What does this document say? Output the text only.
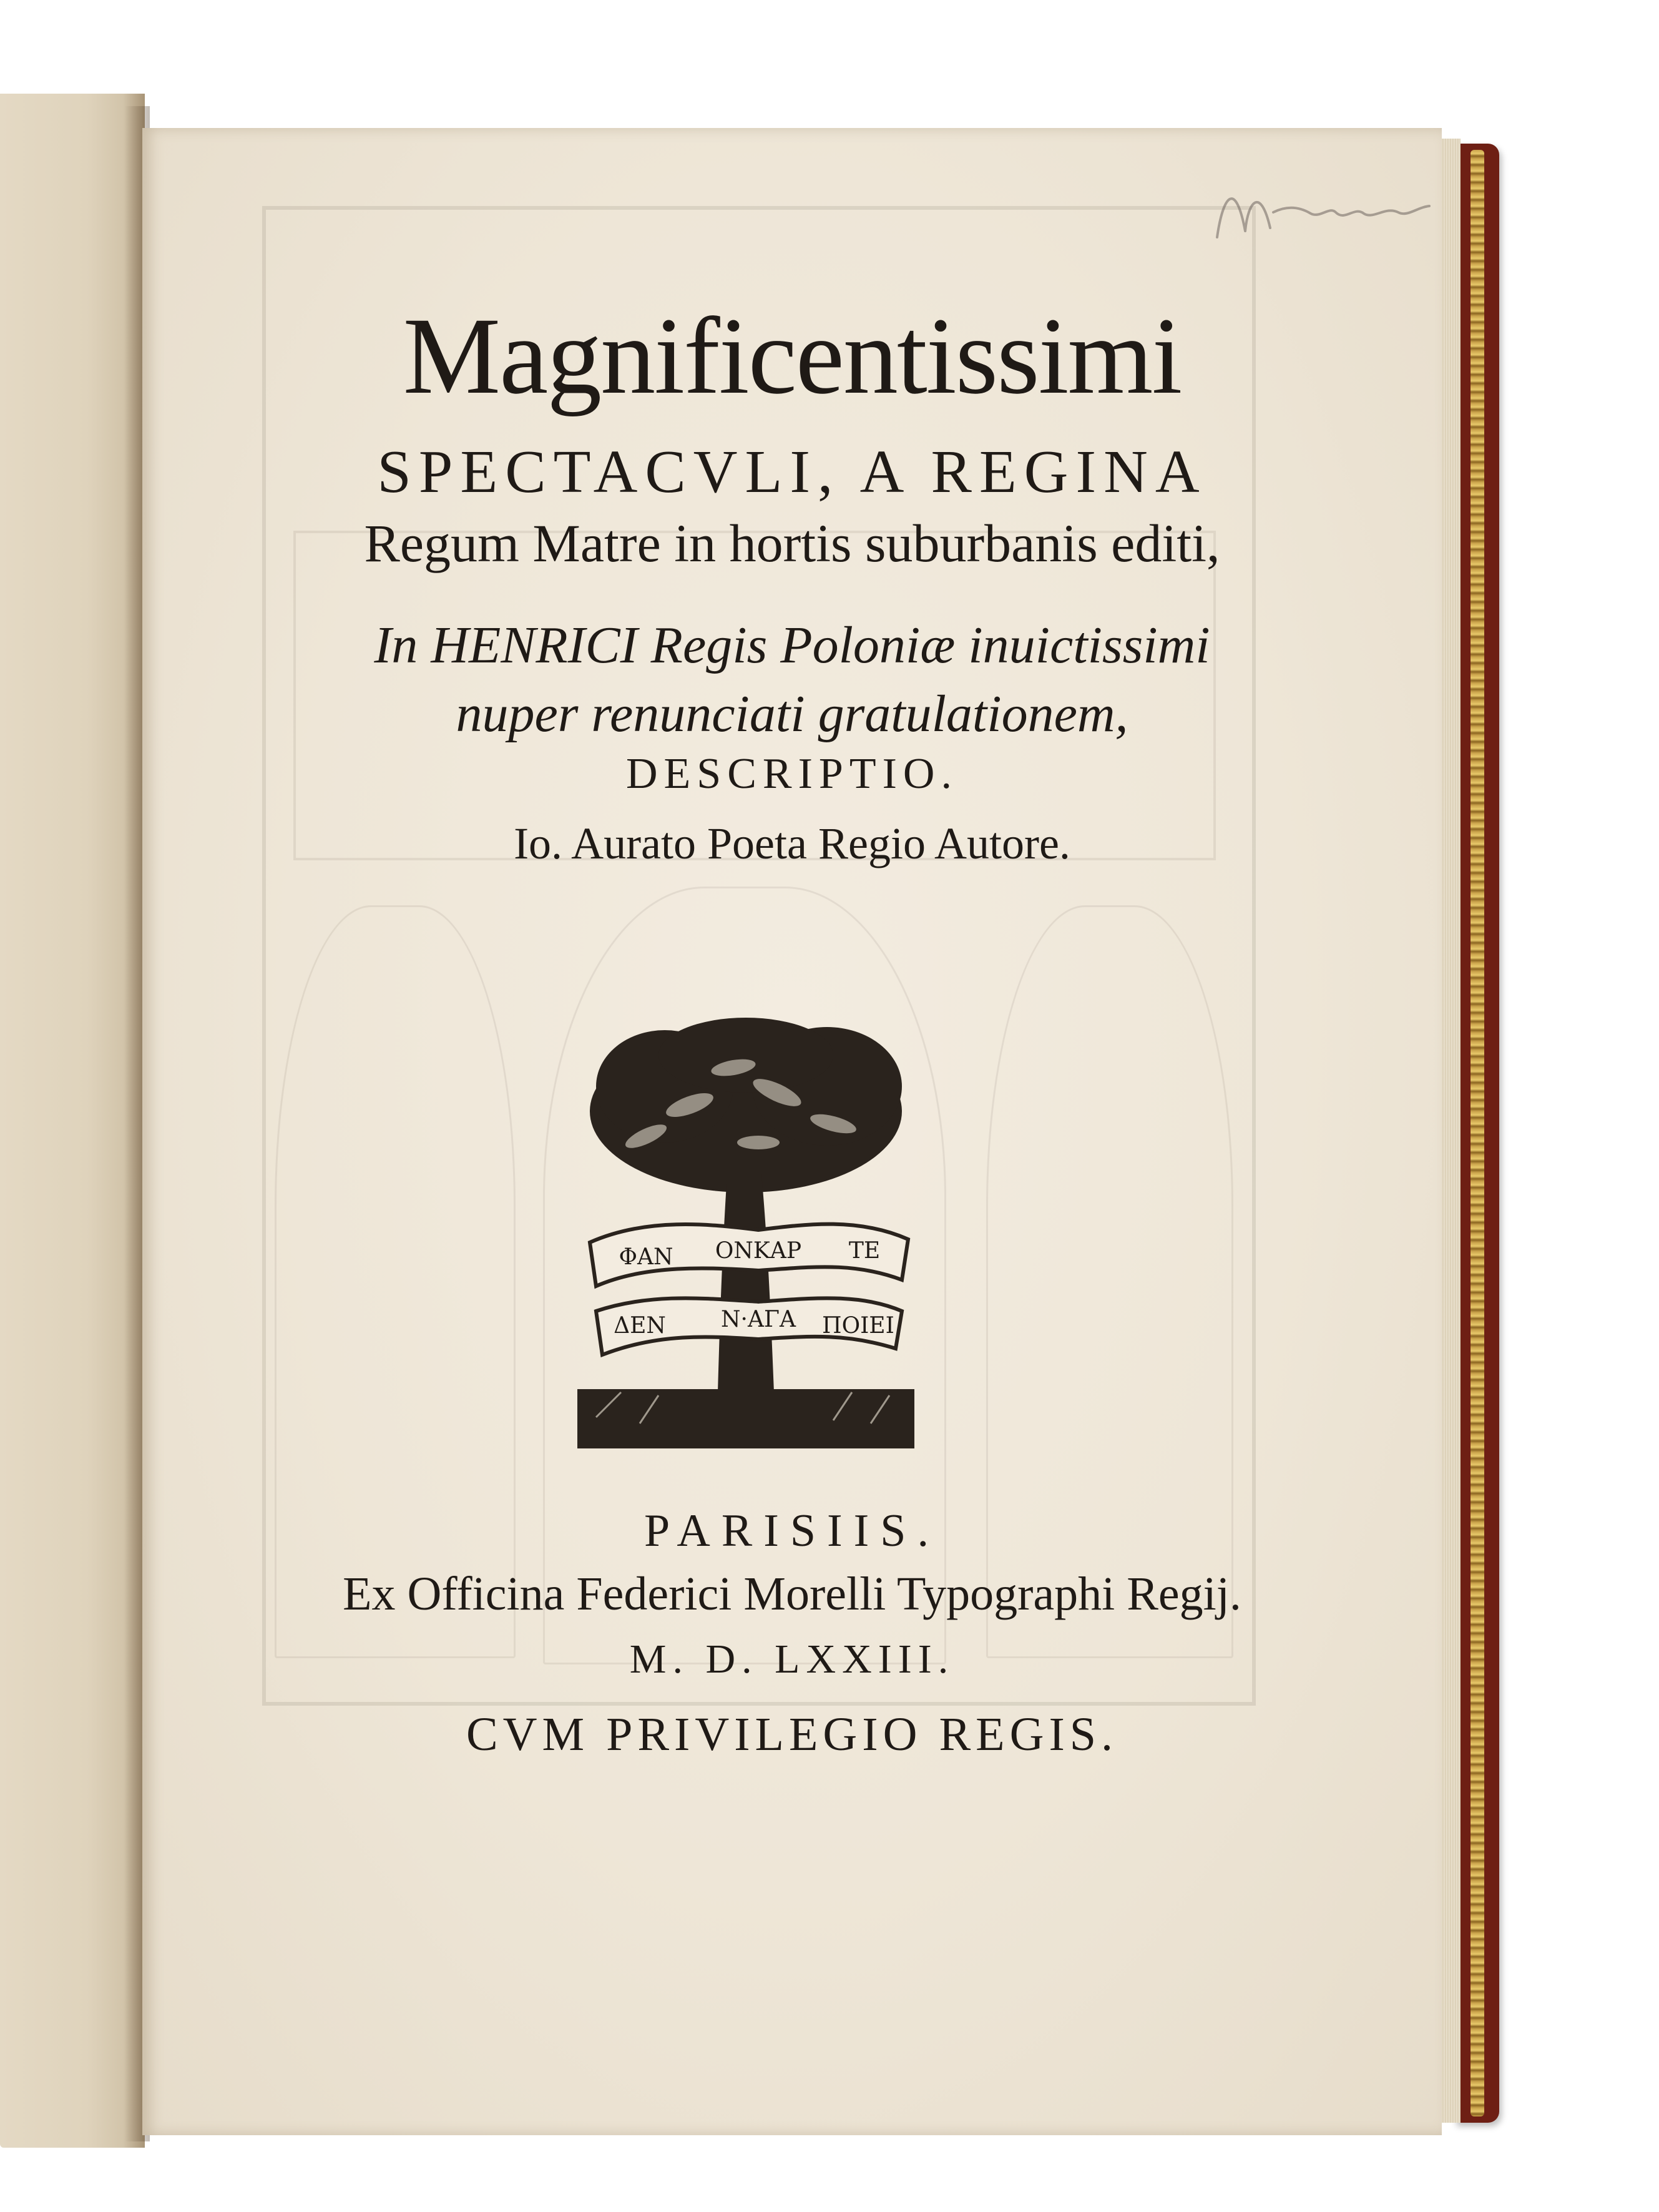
Magnificentissimi
SPECTACVLI, A REGINA
Regum Matre in hortis suburbanis editi,
In HENRICI Regis Poloniæ inuictissimi
nuper renunciati gratulationem,
DESCRIPTIO.
Io. Aurato Poeta Regio Autore.
ΦΑΝ	ΤΕ
ΟΝΚΑΡ
ΔΕΝ Ν·ΑΓΑ ΠΟΙΕΙ
PARISIIS.
Ex Officina Federici Morelli Typographi Regij.
M. D. LXXIII.
CVM PRIVILEGIO REGIS.
